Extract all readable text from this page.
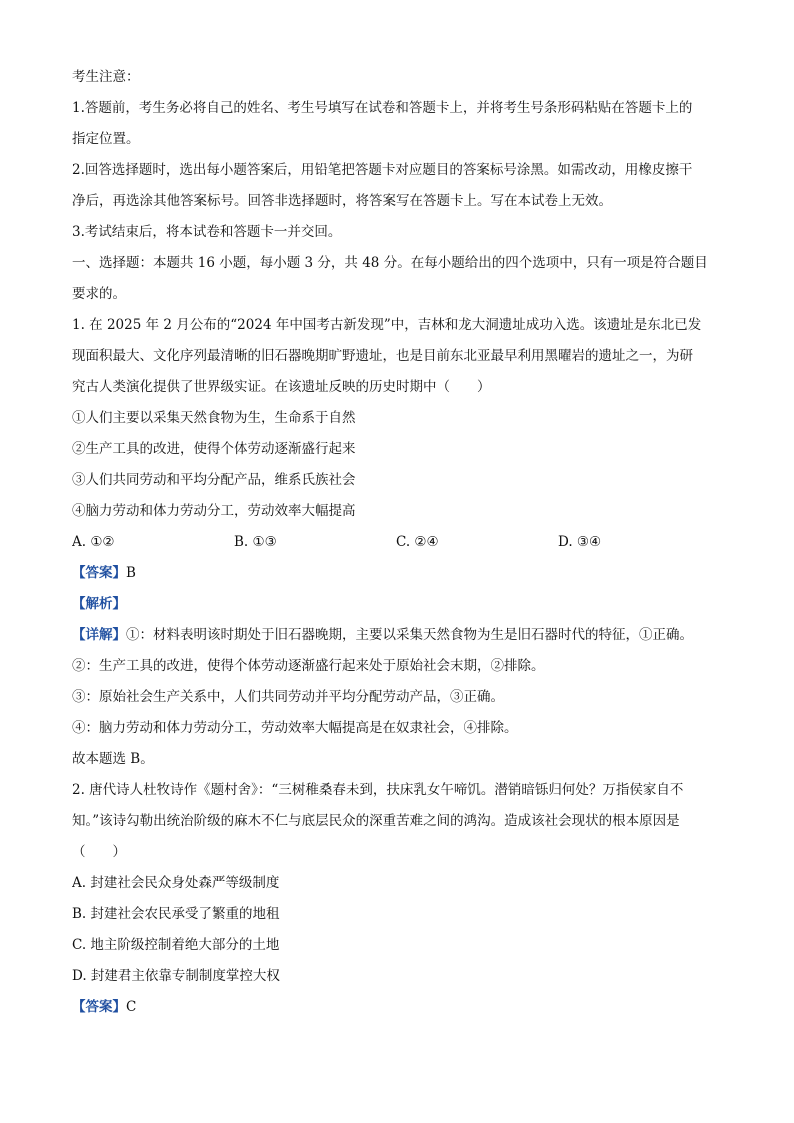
考生注意：
1.答题前，考生务必将自己的姓名、考生号填写在试卷和答题卡上，并将考生号条形码粘贴在答题卡上的
指定位置。
2.回答选择题时，选出每小题答案后，用铅笔把答题卡对应题目的答案标号涂黑。如需改动，用橡皮擦干
净后，再选涂其他答案标号。回答非选择题时，将答案写在答题卡上。写在本试卷上无效。
3.考试结束后，将本试卷和答题卡一并交回。
一、选择题：本题共 16 小题，每小题 3 分，共 48 分。在每小题给出的四个选项中，只有一项是符合题目
要求的。
1. 在 2025 年 2 月公布的“2024 年中国考古新发现”中，吉林和龙大洞遗址成功入选。该遗址是东北已发
现面积最大、文化序列最清晰的旧石器晚期旷野遗址，也是目前东北亚最早利用黑曜岩的遗址之一，为研
究古人类演化提供了世界级实证。在该遗址反映的历史时期中（　　）
①人们主要以采集天然食物为生，生命系于自然
②生产工具的改进，使得个体劳动逐渐盛行起来
③人们共同劳动和平均分配产品，维系氏族社会
④脑力劳动和体力劳动分工，劳动效率大幅提高
A. ①②	B. ①③	C. ②④	D. ③④
【答案】B
【解析】
【详解】①：材料表明该时期处于旧石器晚期，主要以采集天然食物为生是旧石器时代的特征，①正确。
②：生产工具的改进，使得个体劳动逐渐盛行起来处于原始社会末期，②排除。
③：原始社会生产关系中，人们共同劳动并平均分配劳动产品，③正确。
④：脑力劳动和体力劳动分工，劳动效率大幅提高是在奴隶社会，④排除。
故本题选 B。
2. 唐代诗人杜牧诗作《题村舍》：“三树稚桑春未到，扶床乳女午啼饥。潜销暗铄归何处？万指侯家自不
知。”该诗勾勒出统治阶级的麻木不仁与底层民众的深重苦难之间的鸿沟。造成该社会现状的根本原因是
（　　）
A. 封建社会民众身处森严等级制度
B. 封建社会农民承受了繁重的地租
C. 地主阶级控制着绝大部分的土地
D. 封建君主依靠专制制度掌控大权
【答案】C
